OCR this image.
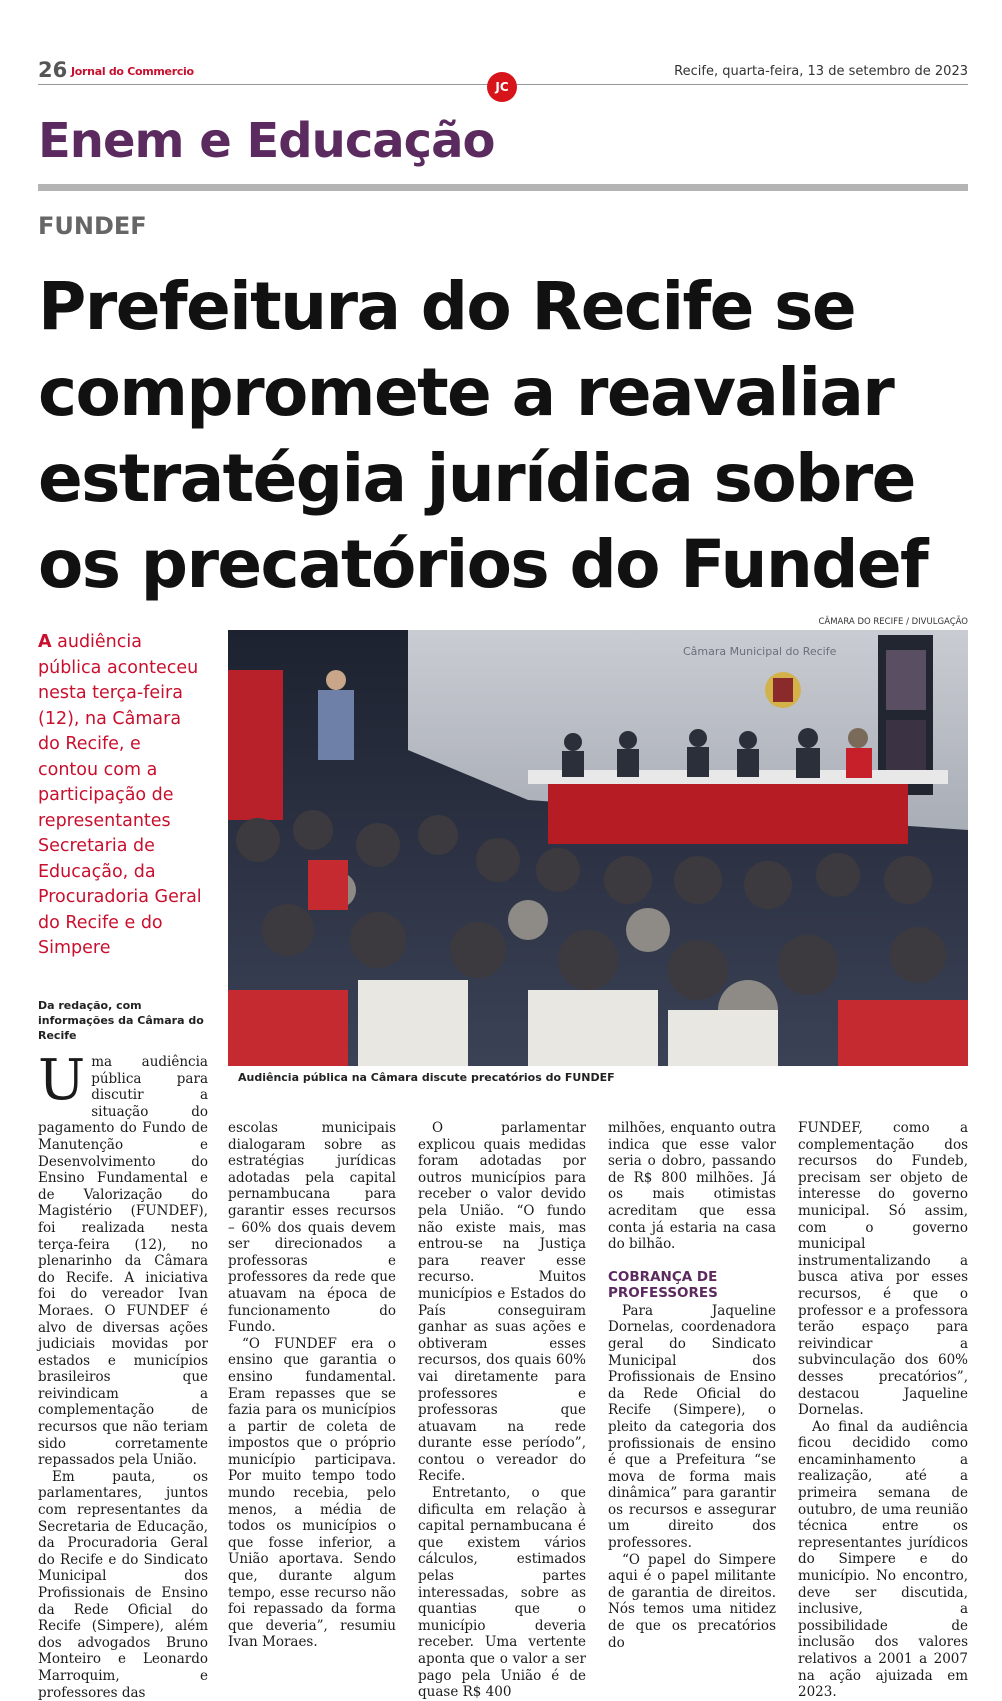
26 Jornal do Commercio	Recife, quarta-feira, 13 de setembro de 2023
JC
Enem e Educação
FUNDEF
Prefeitura do Recife se
compromete a reavaliar
estratégia jurídica sobre
os precatórios do Fundef
A audiência pública aconteceu nesta terça-feira (12), na Câmara do Recife, e contou com a participação de representantes Secretaria de Educação, da Procuradoria Geral do Recife e do Simpere
Da redação, com informações da Câmara do Recife
CÂMARA DO RECIFE / DIVULGAÇÃO
Câmara Municipal do Recife
Audiência pública na Câmara discute precatórios do FUNDEF

Uma audiência pública para discutir a situação do pagamento do Fundo de Manutenção e Desenvolvimento do Ensino Fundamental e de Valorização do Magistério (FUNDEF), foi realizada nesta terça-feira (12), no plenarinho da Câmara do Recife. A iniciativa foi do vereador Ivan Moraes. O FUNDEF é alvo de diversas ações judiciais movidas por estados e municípios brasileiros que reivindicam a complementação de recursos que não teriam sido corretamente repassados pela União.

Em pauta, os parlamentares, juntos com representantes da Secretaria de Educação, da Procuradoria Geral do Recife e do Sindicato Municipal dos Profissionais de Ensino da Rede Oficial do Recife (Simpere), além dos advogados Bruno Monteiro e Leonardo Marroquim, e professores das

escolas municipais dialogaram sobre as estratégias jurídicas adotadas pela capital pernambucana para garantir esses recursos – 60% dos quais devem ser direcionados a professoras e professores da rede que atuavam na época de funcionamento do Fundo.

“O FUNDEF era o ensino que garantia o ensino fundamental. Eram repasses que se fazia para os municípios a partir de coleta de impostos que o próprio município participava. Por muito tempo todo mundo recebia, pelo menos, a média de todos os municípios o que fosse inferior, a União aportava. Sendo que, durante algum tempo, esse recurso não foi repassado da forma que deveria”, resumiu Ivan Moraes.

O parlamentar explicou quais medidas foram adotadas por outros municípios para receber o valor devido pela União. “O fundo não existe mais, mas entrou-se na Justiça para reaver esse recurso. Muitos municípios e Estados do País conseguiram ganhar as suas ações e obtiveram esses recursos, dos quais 60% vai diretamente para professores e professoras que atuavam na rede durante esse período”, contou o vereador do Recife.

Entretanto, o que dificulta em relação à capital pernambucana é que existem vários cálculos, estimados pelas partes interessadas, sobre as quantias que o município deveria receber. Uma vertente aponta que o valor a ser pago pela União é de quase R$ 400

milhões, enquanto outra indica que esse valor seria o dobro, passando de R$ 800 milhões. Já os mais otimistas acreditam que essa conta já estaria na casa do bilhão.

COBRANÇA DE PROFESSORES

Para Jaqueline Dornelas, coordenadora geral do Sindicato Municipal dos Profissionais de Ensino da Rede Oficial do Recife (Simpere), o pleito da categoria dos profissionais de ensino é que a Prefeitura “se mova de forma mais dinâmica” para garantir os recursos e assegurar um direito dos professores.

“O papel do Simpere aqui é o papel militante de garantia de direitos. Nós temos uma nitidez de que os precatórios do

FUNDEF, como a complementação dos recursos do Fundeb, precisam ser objeto de interesse do governo municipal. Só assim, com o governo municipal instrumentalizando a busca ativa por esses recursos, é que o professor e a professora terão espaço para reivindicar a subvinculação dos 60% desses precatórios”, destacou Jaqueline Dornelas.

Ao final da audiência ficou decidido como encaminhamento a realização, até a primeira semana de outubro, de uma reunião técnica entre os representantes jurídicos do Simpere e do município. No encontro, deve ser discutida, inclusive, a possibilidade de inclusão dos valores relativos a 2001 a 2007 na ação ajuizada em 2023.
